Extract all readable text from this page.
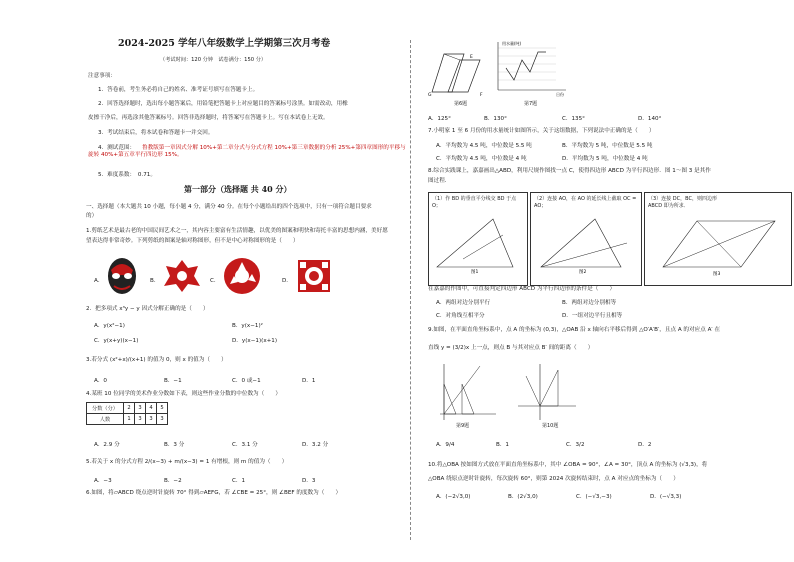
2024-2025 学年八年级数学上学期第三次月考卷
（考试时间：120 分钟　试卷满分：150 分）
注意事项：
1．答卷前，考生务必将自己的姓名、准考证号填写在答题卡上。
2．回答选择题时，选出每小题答案后，用铅笔把答题卡上对应题目的答案标号涂黑。如需改动，用橡
皮擦干净后，再选涂其他答案标号。回答非选择题时，将答案写在答题卡上。写在本试卷上无效。
3．考试结束后，将本试卷和答题卡一并交回。
4．测试范围：	鲁教版第一章因式分解 10%+第二章分式与分式方程 10%+第三章数据的分析 25%+第四章图形的平移与旋转 40%+第五章平行四边形 15%。
5．难度系数：　0.71。
第一部分（选择题 共 40 分）
一、选择题（本大题共 10 小题，每小题 4 分，满分 40 分。在每个小题给出的四个选项中，只有一项符合题目要求
的）
1.剪纸艺术是最古老的中国民间艺术之一，其内容主要富有生活情趣，以优美的图案和明快和寄托丰富的思想内涵，美好愿
望表达得非常奇妙。下列剪纸的图案是轴对称图形，但不是中心对称图形的是（　　）
A．	B．	C．	D．
2．把多项式 x³y − y 因式分解正确的是（　　）
A．y(x²−1)	B．y(x−1)²
C．y(x+y)(x−1)	D．y(x−1)(x+1)
3.若分式 (x²+x)/(x+1) 的值为 0，则 x 的值为（　　）
A．0	B．−1	C．0 或−1	D．1
4.某班 10 位同学的美术作业分数如下表，则这些作业分数的中位数为（　　）
分数（分）	2	3	4	5
人数	1	3	3	3
A．2.9 分	B．3 分	C．3.1 分	D．3.2 分
5.若关于 x 的分式方程 2/(x−3) + m/(x−3) = 1 有增根，则 m 的值为（　　）
A．−3	B．−2	C．1	D．3
6.如图，将▱ABCD 绕点逆时针旋转 70° 得到▱AEFG，若 ∠CBE = 25°，则 ∠BEF 的度数为（　　）
G
E
F
第6题
用水量(吨)
日份
第7题
A．125°	B．130°	C．135°	D．140°
7.小明家 1 至 6 月份的用水量统计如图所示，关于这组数据，下列说法中正确的是（　　）
A．平均数为 4.5 吨，中位数是 5.5 吨	B．平均数为 5 吨，中位数是 5.5 吨
C．平均数为 4.5 吨，中位数是 4 吨	D．平均数为 5 吨，中位数是 4 吨
8.综合实践课上，嘉嘉画出△ABD，利用尺规作图找一点 C，使得四边形 ABCD 为平行四边形．图 1～图 3 是其作
图过程．
（1）作 BD 的垂直平分线交 BD 于点 O；
图1
（2）连接 AO，在 AO 的延长线上截取 OC = AO；
图2
（3）连接 DC，BC，则四边形 ABCD 即为所求．
图3
在嘉嘉的作图中，可直接判定四边形 ABCD 为平行四边形的条件是（　　）
A．两组对边分别平行	B．两组对边分别相等
C．对角线互相平分	D．一组对边平行且相等
9.如图，在平面直角坐标系中，点 A 的坐标为 (0,3)，△OAB 沿 x 轴向右平移后得到 △O′A′B′，且点 A 的对应点 A′ 在
直线 y = (3/2)x 上一点，则点 B 与其对应点 B′ 间的距离（　　）
第9题	第10题
A．9/4	B．1	C．3/2	D．2
10.将△OBA 按如图方式放在平面直角坐标系中，其中 ∠OBA = 90°，∠A = 30°，顶点 A 的坐标为 (√3,3)，将
△OBA 绕原点逆时针旋转，每次旋转 60°，则第 2024 次旋转结束时，点 A 对应点的坐标为（　　）
A．(−2√3,0)	B．(2√3,0)	C．(−√3,−3)	D．(−√3,3)
